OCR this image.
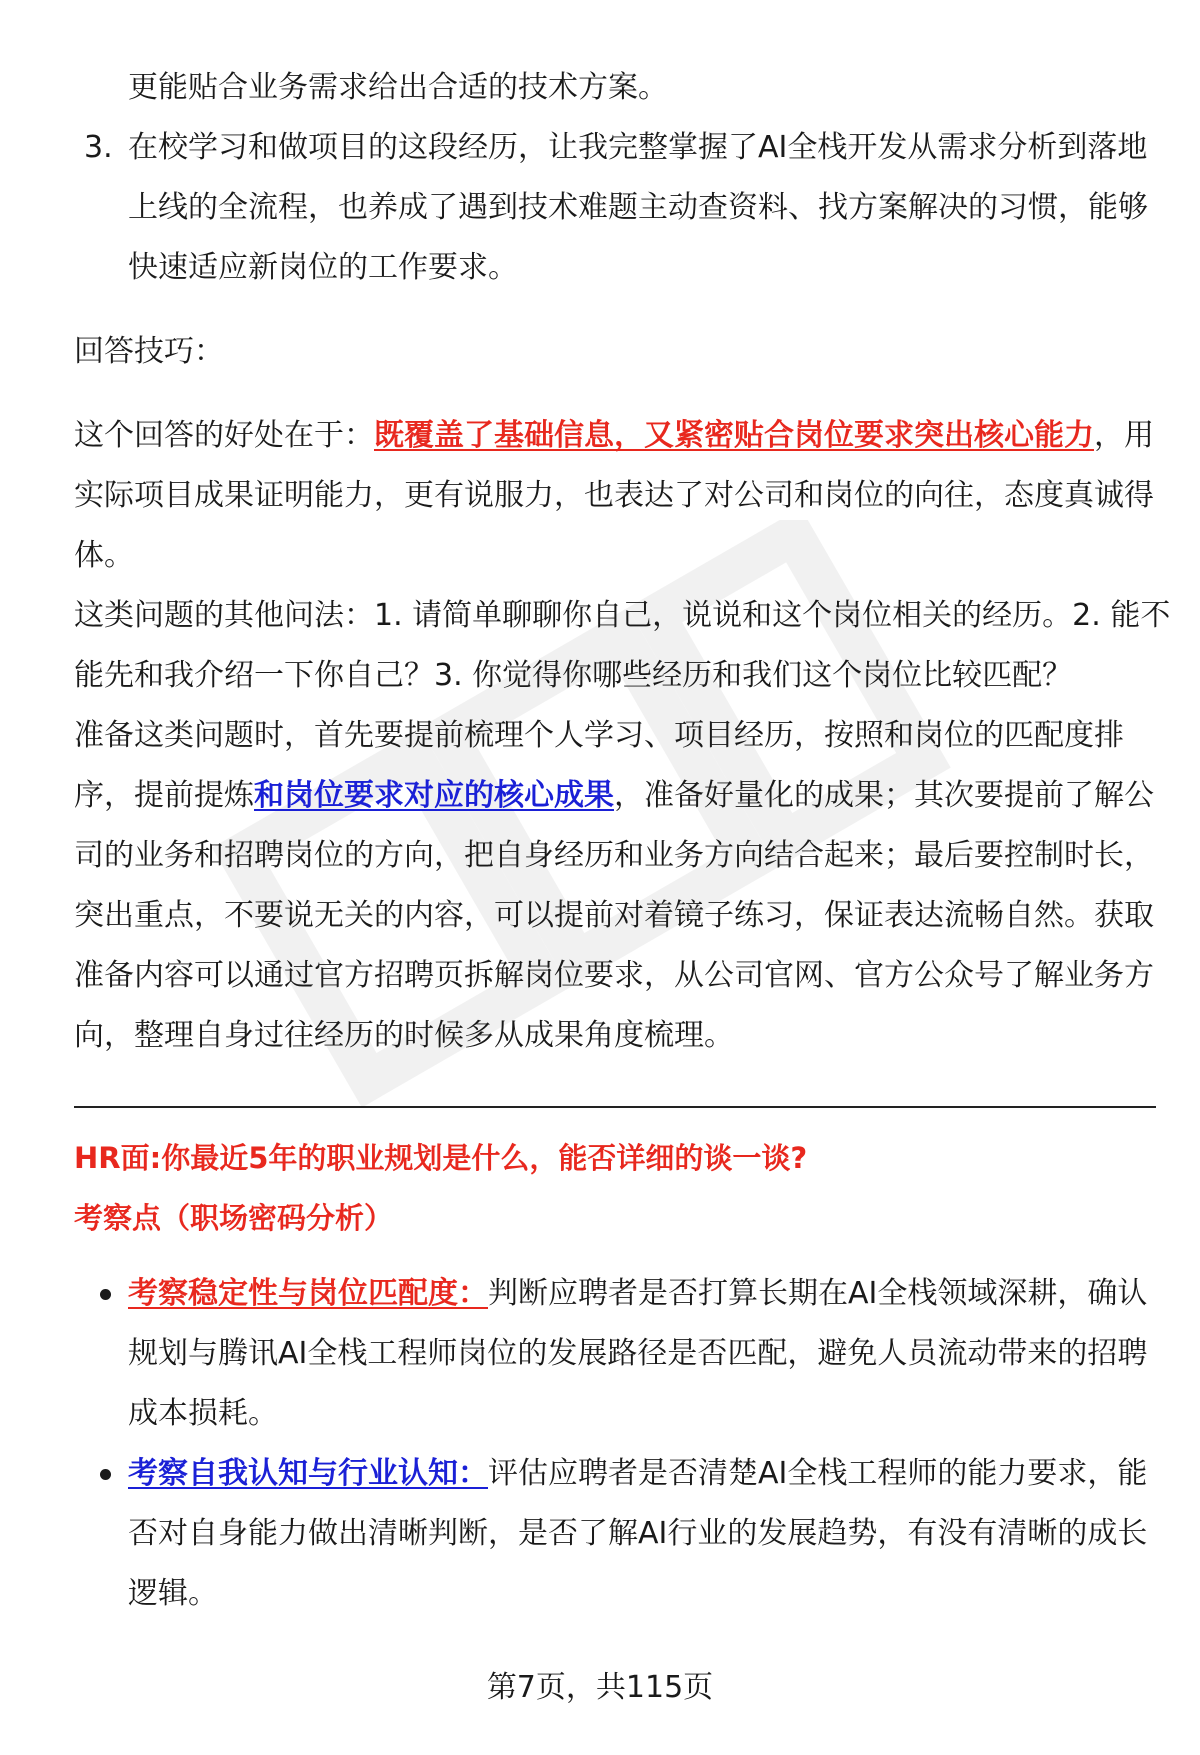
更能贴合业务需求给出合适的技术方案。
3. 在校学习和做项目的这段经历，让我完整掌握了AI全栈开发从需求分析到落地
上线的全流程，也养成了遇到技术难题主动查资料、找方案解决的习惯，能够
快速适应新岗位的工作要求。
回答技巧：
这个回答的好处在于：既覆盖了基础信息，又紧密贴合岗位要求突出核心能力，用
实际项目成果证明能力，更有说服力，也表达了对公司和岗位的向往，态度真诚得
体。
这类问题的其他问法：1. 请简单聊聊你自己，说说和这个岗位相关的经历。2. 能不
能先和我介绍一下你自己？3. 你觉得你哪些经历和我们这个岗位比较匹配？
准备这类问题时，首先要提前梳理个人学习、项目经历，按照和岗位的匹配度排
序，提前提炼和岗位要求对应的核心成果，准备好量化的成果；其次要提前了解公
司的业务和招聘岗位的方向，把自身经历和业务方向结合起来；最后要控制时长，
突出重点，不要说无关的内容，可以提前对着镜子练习，保证表达流畅自然。获取
准备内容可以通过官方招聘页拆解岗位要求，从公司官网、官方公众号了解业务方
向，整理自身过往经历的时候多从成果角度梳理。
HR面:你最近5年的职业规划是什么，能否详细的谈一谈?
考察点（职场密码分析）
考察稳定性与岗位匹配度：判断应聘者是否打算长期在AI全栈领域深耕，确认
规划与腾讯AI全栈工程师岗位的发展路径是否匹配，避免人员流动带来的招聘
成本损耗。
考察自我认知与行业认知：评估应聘者是否清楚AI全栈工程师的能力要求，能
否对自身能力做出清晰判断，是否了解AI行业的发展趋势，有没有清晰的成长
逻辑。
第7页，共115页
